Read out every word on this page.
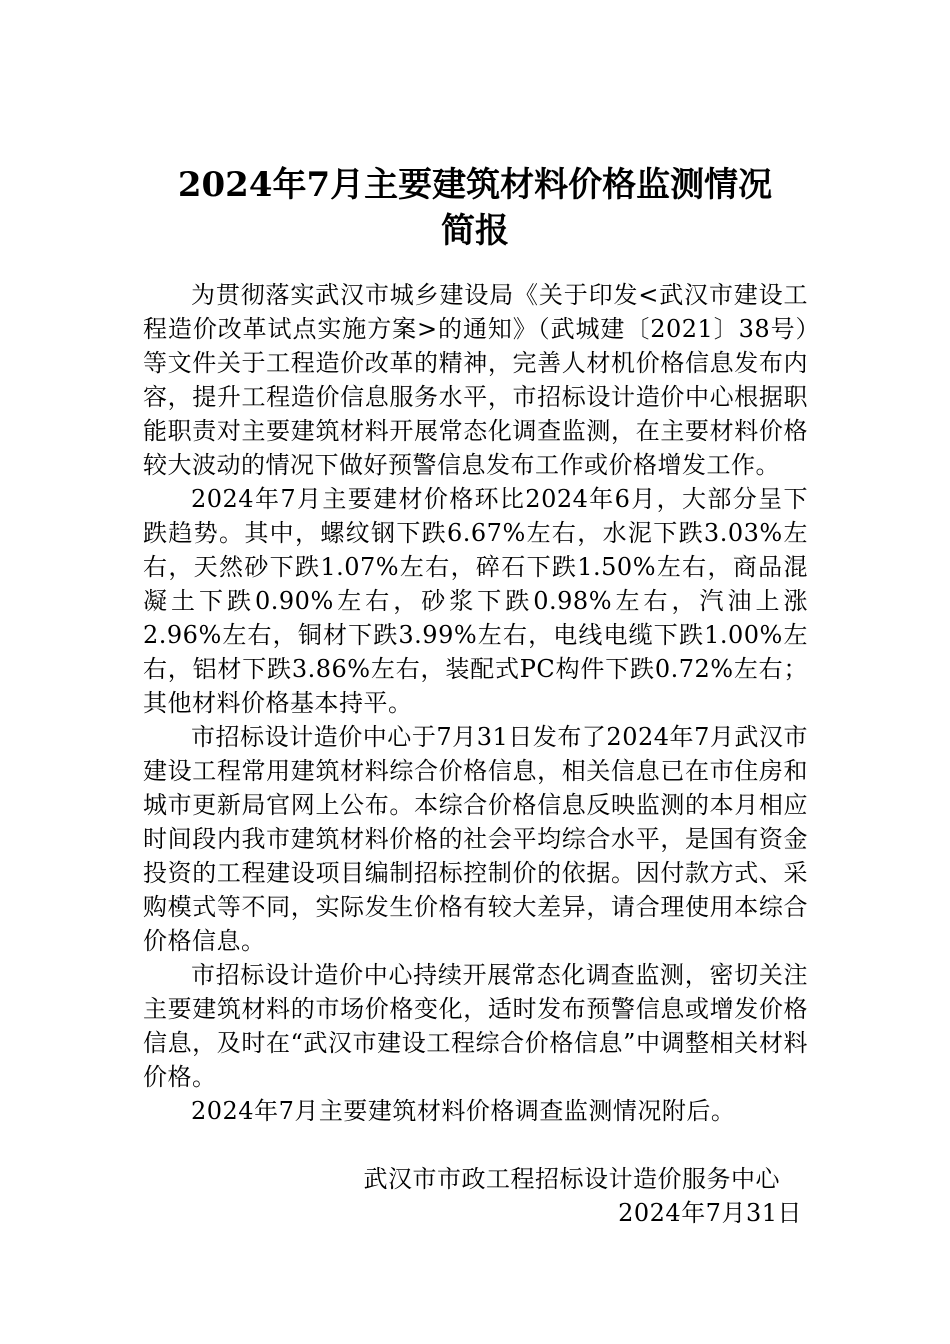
2024年7月主要建筑材料价格监测情况
简报

为贯彻落实武汉市城乡建设局《关于印发<武汉市建设工程造价改革试点实施方案>的通知》（武城建〔2021〕38号）等文件关于工程造价改革的精神，完善人材机价格信息发布内容，提升工程造价信息服务水平，市招标设计造价中心根据职能职责对主要建筑材料开展常态化调查监测，在主要材料价格较大波动的情况下做好预警信息发布工作或价格增发工作。

2024年7月主要建材价格环比2024年6月，大部分呈下跌趋势。其中，螺纹钢下跌6.67%左右，水泥下跌3.03%左右，天然砂下跌1.07%左右，碎石下跌1.50%左右，商品混凝土下跌0.90%左右，砂浆下跌0.98%左右，汽油上涨2.96%左右，铜材下跌3.99%左右，电线电缆下跌1.00%左右，铝材下跌3.86%左右，装配式PC构件下跌0.72%左右；其他材料价格基本持平。

市招标设计造价中心于7月31日发布了2024年7月武汉市建设工程常用建筑材料综合价格信息，相关信息已在市住房和城市更新局官网上公布。本综合价格信息反映监测的本月相应时间段内我市建筑材料价格的社会平均综合水平，是国有资金投资的工程建设项目编制招标控制价的依据。因付款方式、采购模式等不同，实际发生价格有较大差异，请合理使用本综合价格信息。

市招标设计造价中心持续开展常态化调查监测，密切关注主要建筑材料的市场价格变化，适时发布预警信息或增发价格信息，及时在“武汉市建设工程综合价格信息”中调整相关材料价格。

2024年7月主要建筑材料价格调查监测情况附后。

武汉市市政工程招标设计造价服务中心
2024年7月31日
